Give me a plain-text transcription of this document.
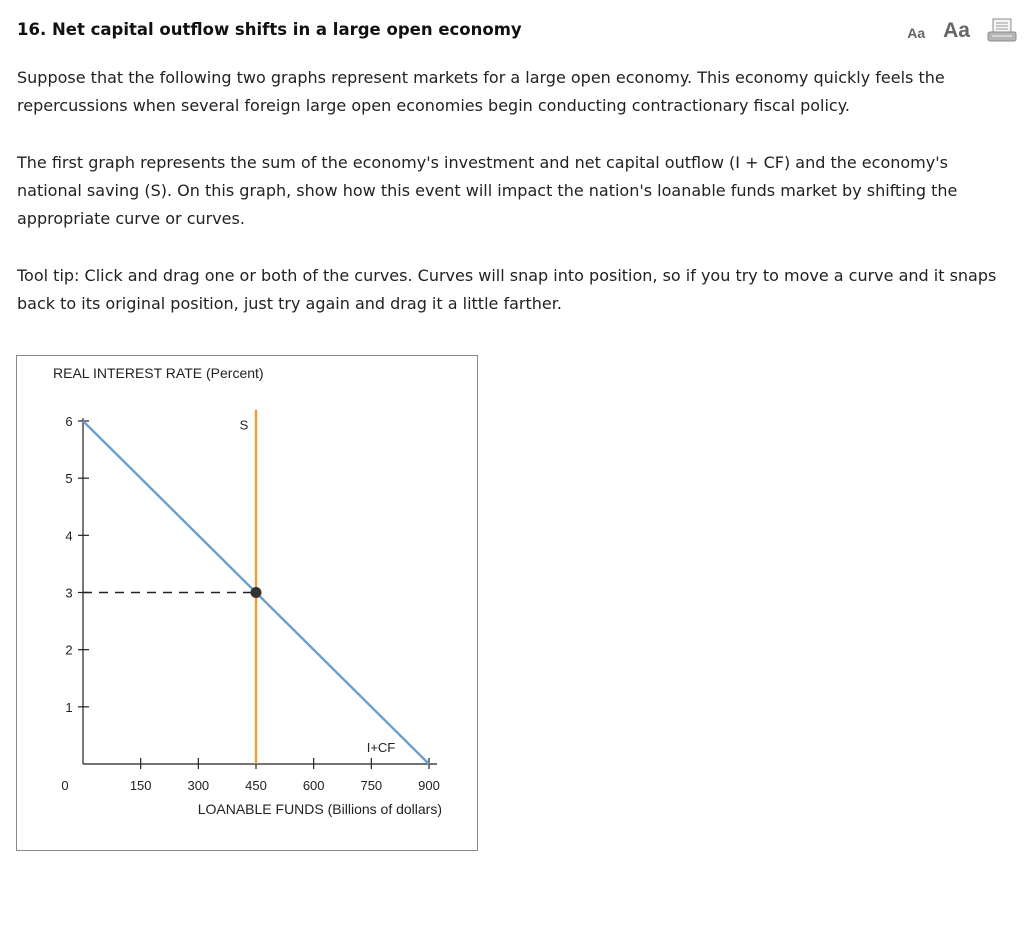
16. Net capital outflow shifts in a large open economy	Aa Aa

Suppose that the following two graphs represent markets for a large open economy. This economy quickly feels the repercussions when several foreign large open economies begin conducting contractionary fiscal policy.

The first graph represents the sum of the economy's investment and net capital outflow (I + CF) and the economy's national saving (S). On this graph, show how this event will impact the nation's loanable funds market by shifting the appropriate curve or curves.

Tool tip: Click and drag one or both of the curves. Curves will snap into position, so if you try to move a curve and it snaps back to its original position, just try again and drag it a little farther.

REAL INTEREST RATE (Percent)
LOANABLE FUNDS (Billions of dollars)
0
1
2
3
4
5
6
150	300	450	600	750	900
I+CF
S
